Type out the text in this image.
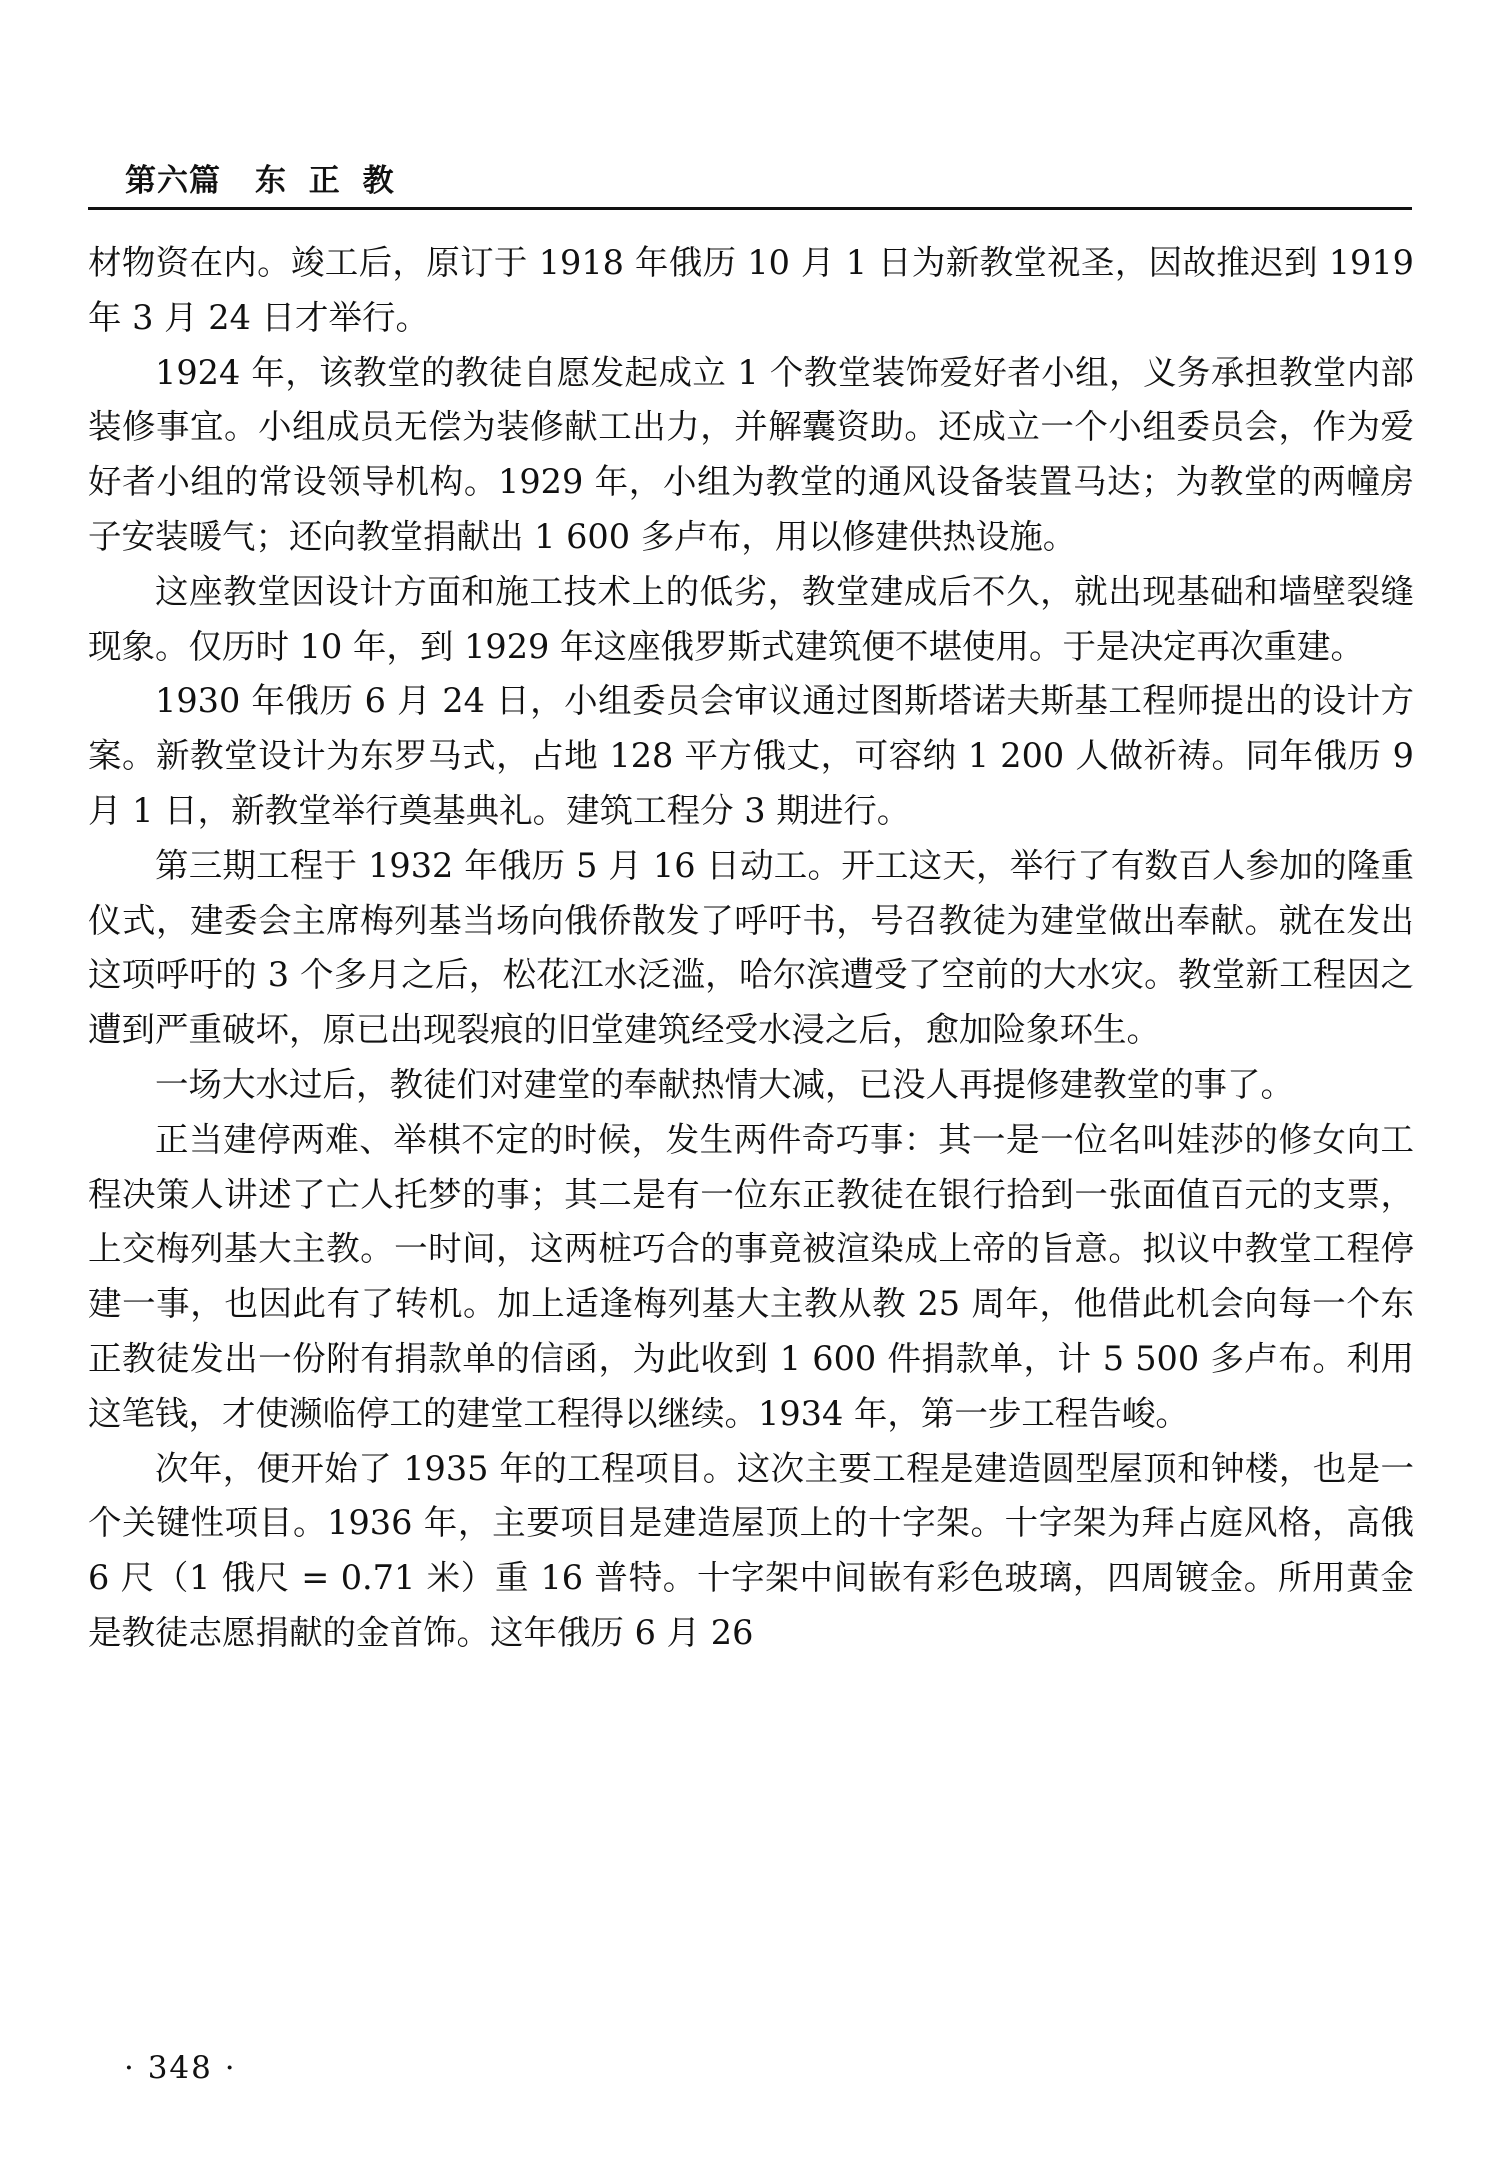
第六篇 东 正 教

材物资在内。竣工后，原订于 1918 年俄历 10 月 1 日为新教堂祝圣，因故推迟到 1919 年 3 月 24 日才举行。

1924 年，该教堂的教徒自愿发起成立 1 个教堂装饰爱好者小组，义务承担教堂内部装修事宜。小组成员无偿为装修献工出力，并解囊资助。还成立一个小组委员会，作为爱好者小组的常设领导机构。1929 年，小组为教堂的通风设备装置马达；为教堂的两幢房子安装暖气；还向教堂捐献出 1 600 多卢布，用以修建供热设施。

这座教堂因设计方面和施工技术上的低劣，教堂建成后不久，就出现基础和墙壁裂缝现象。仅历时 10 年，到 1929 年这座俄罗斯式建筑便不堪使用。于是决定再次重建。

1930 年俄历 6 月 24 日，小组委员会审议通过图斯塔诺夫斯基工程师提出的设计方案。新教堂设计为东罗马式，占地 128 平方俄丈，可容纳 1 200 人做祈祷。同年俄历 9 月 1 日，新教堂举行奠基典礼。建筑工程分 3 期进行。

第三期工程于 1932 年俄历 5 月 16 日动工。开工这天，举行了有数百人参加的隆重仪式，建委会主席梅列基当场向俄侨散发了呼吁书，号召教徒为建堂做出奉献。就在发出这项呼吁的 3 个多月之后，松花江水泛滥，哈尔滨遭受了空前的大水灾。教堂新工程因之遭到严重破坏，原已出现裂痕的旧堂建筑经受水浸之后，愈加险象环生。

一场大水过后，教徒们对建堂的奉献热情大减，已没人再提修建教堂的事了。

正当建停两难、举棋不定的时候，发生两件奇巧事：其一是一位名叫娃莎的修女向工程决策人讲述了亡人托梦的事；其二是有一位东正教徒在银行拾到一张面值百元的支票，上交梅列基大主教。一时间，这两桩巧合的事竟被渲染成上帝的旨意。拟议中教堂工程停建一事，也因此有了转机。加上适逢梅列基大主教从教 25 周年，他借此机会向每一个东正教徒发出一份附有捐款单的信函，为此收到 1 600 件捐款单，计 5 500 多卢布。利用这笔钱，才使濒临停工的建堂工程得以继续。1934 年，第一步工程告峻。

次年，便开始了 1935 年的工程项目。这次主要工程是建造圆型屋顶和钟楼，也是一个关键性项目。1936 年，主要项目是建造屋顶上的十字架。十字架为拜占庭风格，高俄 6 尺（1 俄尺 = 0.71 米）重 16 普特。十字架中间嵌有彩色玻璃，四周镀金。所用黄金是教徒志愿捐献的金首饰。这年俄历 6 月 26

· 348 ·
